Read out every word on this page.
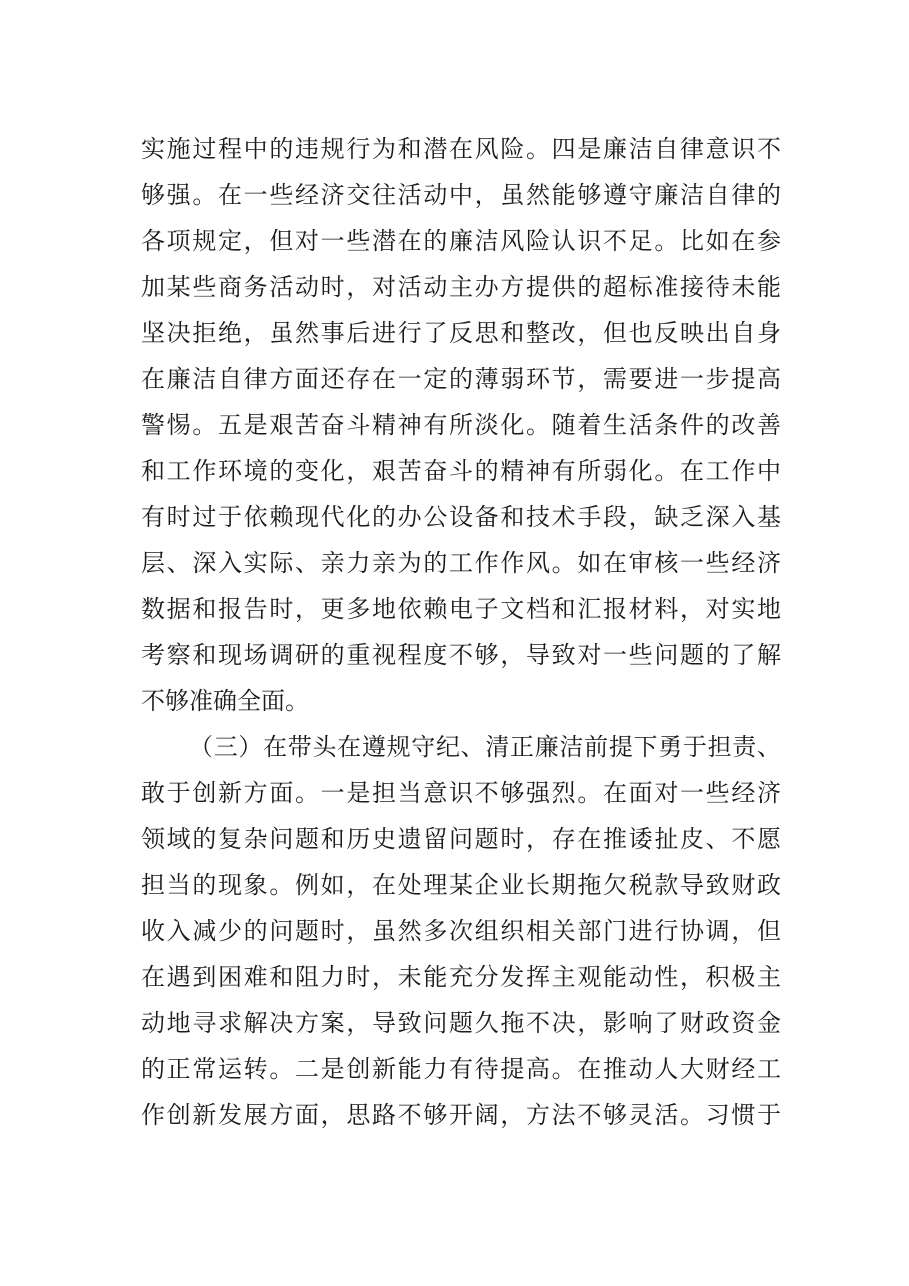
实施过程中的违规行为和潜在风险。四是廉洁自律意识不
够强。在一些经济交往活动中，虽然能够遵守廉洁自律的
各项规定，但对一些潜在的廉洁风险认识不足。比如在参
加某些商务活动时，对活动主办方提供的超标准接待未能
坚决拒绝，虽然事后进行了反思和整改，但也反映出自身
在廉洁自律方面还存在一定的薄弱环节，需要进一步提高
警惕。五是艰苦奋斗精神有所淡化。随着生活条件的改善
和工作环境的变化，艰苦奋斗的精神有所弱化。在工作中
有时过于依赖现代化的办公设备和技术手段，缺乏深入基
层、深入实际、亲力亲为的工作作风。如在审核一些经济
数据和报告时，更多地依赖电子文档和汇报材料，对实地
考察和现场调研的重视程度不够，导致对一些问题的了解
不够准确全面。
（三）在带头在遵规守纪、清正廉洁前提下勇于担责、
敢于创新方面。一是担当意识不够强烈。在面对一些经济
领域的复杂问题和历史遗留问题时，存在推诿扯皮、不愿
担当的现象。例如，在处理某企业长期拖欠税款导致财政
收入减少的问题时，虽然多次组织相关部门进行协调，但
在遇到困难和阻力时，未能充分发挥主观能动性，积极主
动地寻求解决方案，导致问题久拖不决，影响了财政资金
的正常运转。二是创新能力有待提高。在推动人大财经工
作创新发展方面，思路不够开阔，方法不够灵活。习惯于
